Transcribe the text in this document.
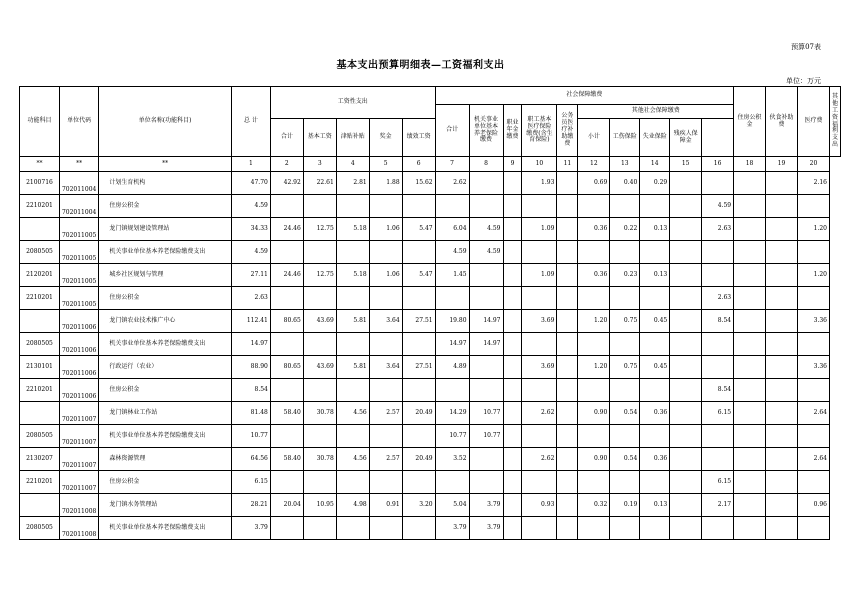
预算07表
基本支出预算明细表—工资福利支出
单位：万元
功能科目	单位代码	单位名称(功能科目)	总 计	工资性支出					社会保障缴费										住房公积金	伙食补助费	医疗费	其他工资福利支出
									合计	机关事业单位基本养老保险缴费	职业年金缴费	职工基本医疗保险缴费(含生育保险)	公务员医疗补助缴费	其他社会保障缴费								
				合计	基本工资	津贴补贴	奖金	绩效工资						小计	工伤保险	失业保险	残疾人保障金					
**	**	**	1	2	3	4	5	6	7	8	9	10	11	12	13	14	15	16	18	19	20	
2100716	702011004	计划生育机构	47.70	42.92	22.61	2.81	1.88	15.62	2.62			1.93		0.69	0.40	0.29					2.16	
2210201	702011004	住房公积金	4.59															4.59				
	702011005	龙门镇规划建设管理站	34.33	24.46	12.75	5.18	1.06	5.47	6.04	4.59		1.09		0.36	0.22	0.13		2.63			1.20	
2080505	702011005	机关事业单位基本养老保险缴费支出	4.59						4.59	4.59												
2120201	702011005	城乡社区规划与管理	27.11	24.46	12.75	5.18	1.06	5.47	1.45			1.09		0.36	0.23	0.13					1.20	
2210201	702011005	住房公积金	2.63															2.63				
	702011006	龙门镇农业技术推广中心	112.41	80.65	43.69	5.81	3.64	27.51	19.80	14.97		3.69		1.20	0.75	0.45		8.54			3.36	
2080505	702011006	机关事业单位基本养老保险缴费支出	14.97						14.97	14.97												
2130101	702011006	行政运行（农业）	88.90	80.65	43.69	5.81	3.64	27.51	4.89			3.69		1.20	0.75	0.45					3.36	
2210201	702011006	住房公积金	8.54															8.54				
	702011007	龙门镇林业工作站	81.48	58.40	30.78	4.56	2.57	20.49	14.29	10.77		2.62		0.90	0.54	0.36		6.15			2.64	
2080505	702011007	机关事业单位基本养老保险缴费支出	10.77						10.77	10.77												
2130207	702011007	森林资源管理	64.56	58.40	30.78	4.56	2.57	20.49	3.52			2.62		0.90	0.54	0.36					2.64	
2210201	702011007	住房公积金	6.15															6.15				
	702011008	龙门镇水务管理站	28.21	20.04	10.95	4.98	0.91	3.20	5.04	3.79		0.93		0.32	0.19	0.13		2.17			0.96	
2080505	702011008	机关事业单位基本养老保险缴费支出	3.79						3.79	3.79												
